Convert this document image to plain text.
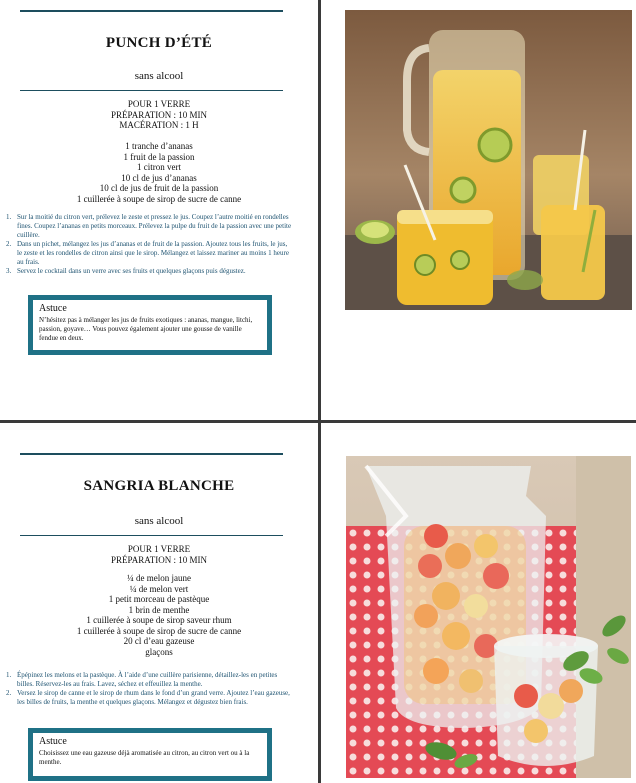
PUNCH D’ÉTÉ
sans alcool
POUR 1 VERRE
PRÉPARATION : 10 MIN
MACÉRATION : 1 H
1 tranche d’ananas
1 fruit de la passion
1 citron vert
10 cl de jus d’ananas
10 cl de jus de fruit de la passion
1 cuillerée à soupe de sirop de sucre de canne
1. Sur la moitié du citron vert, prélevez le zeste et pressez le jus. Coupez l’autre moitié en rondelles fines. Coupez l’ananas en petits morceaux. Prélevez la pulpe du fruit de la passion avec une petite cuillère.
2. Dans un pichet, mélangez les jus d’ananas et de fruit de la passion. Ajoutez tous les fruits, le jus, le zeste et les rondelles de citron ainsi que le sirop. Mélangez et laissez mariner au moins 1 heure au frais.
3. Servez le cocktail dans un verre avec ses fruits et quelques glaçons puis dégustez.
Astuce
N’hésitez pas à mélanger les jus de fruits exotiques : ananas, mangue, litchi, passion, goyave… Vous pouvez également ajouter une gousse de vanille fendue en deux.
SANGRIA BLANCHE
sans alcool
POUR 1 VERRE
PRÉPARATION : 10 MIN
¼ de melon jaune
¼ de melon vert
1 petit morceau de pastèque
1 brin de menthe
1 cuillerée à soupe de sirop saveur rhum
1 cuillerée à soupe de sirop de sucre de canne
20 cl d’eau gazeuse
glaçons
1. Épépinez les melons et la pastèque. À l’aide d’une cuillère parisienne, détaillez-les en petites billes. Réservez-les au frais. Lavez, séchez et effeuillez la menthe.
2. Versez le sirop de canne et le sirop de rhum dans le fond d’un grand verre. Ajoutez l’eau gazeuse, les billes de fruits, la menthe et quelques glaçons. Mélangez et dégustez bien frais.
Astuce
Choisissez une eau gazeuse déjà aromatisée au citron, au citron vert ou à la menthe.
